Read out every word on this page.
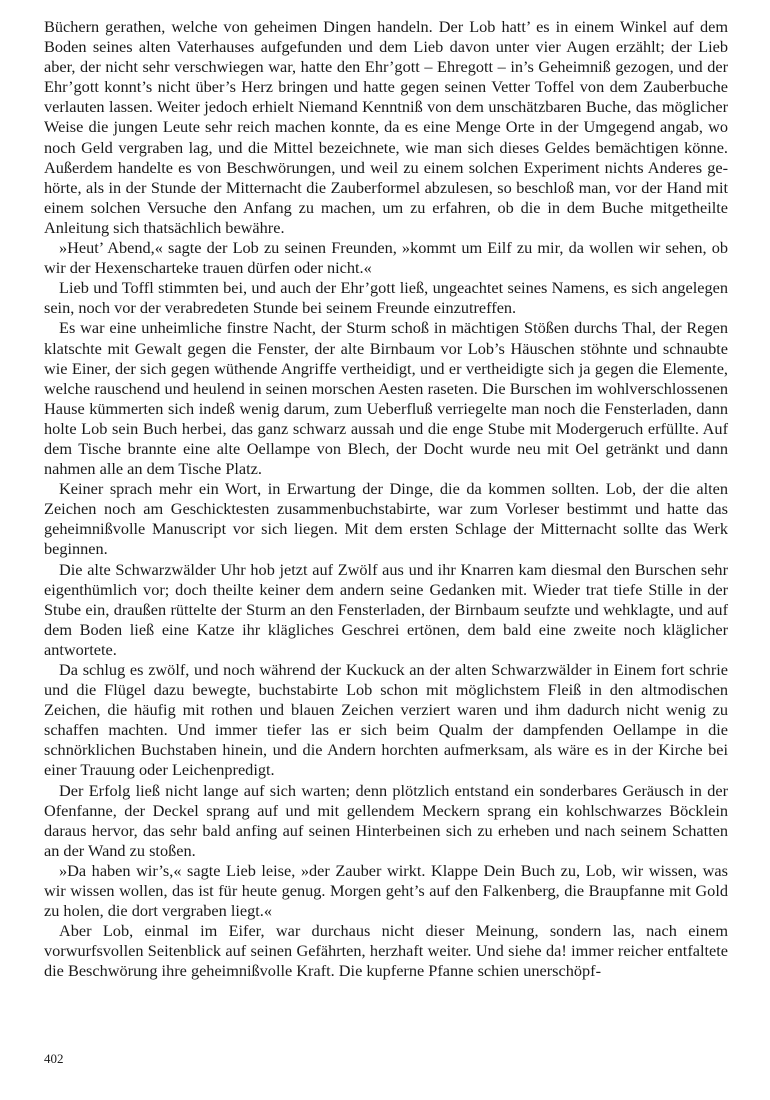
Büchern gerathen, welche von geheimen Dingen handeln. Der Lob hatt’ es in einem Winkel auf dem Boden seines alten Vaterhauses aufgefunden und dem Lieb davon unter vier Augen erzählt; der Lieb aber, der nicht sehr verschwiegen war, hatte den Ehr’gott – Ehregott – in’s Geheimniß gezogen, und der Ehr’gott konnt’s nicht über’s Herz bringen und hatte gegen seinen Vetter Toffel von dem Zauberbuche verlauten lassen. Weiter jedoch erhielt Niemand Kenntniß von dem unschätzbaren Buche, das möglicher Weise die jungen Leute sehr reich machen konnte, da es eine Menge Orte in der Umgegend angab, wo noch Geld vergraben lag, und die Mittel bezeichnete, wie man sich dieses Geldes bemächtigen könne. Außerdem handelte es von Beschwörungen, und weil zu einem solchen Experiment nichts Anderes gehörte, als in der Stunde der Mitternacht die Zauberformel abzulesen, so beschloß man, vor der Hand mit einem solchen Versuche den Anfang zu machen, um zu erfahren, ob die in dem Buche mitgetheilte Anleitung sich thatsächlich bewähre.

»Heut’ Abend,« sagte der Lob zu seinen Freunden, »kommt um Eilf zu mir, da wollen wir sehen, ob wir der Hexenscharteke trauen dürfen oder nicht.«

Lieb und Toffl stimmten bei, und auch der Ehr’gott ließ, ungeachtet seines Namens, es sich angelegen sein, noch vor der verabredeten Stunde bei seinem Freunde einzutreffen.

Es war eine unheimliche finstre Nacht, der Sturm schoß in mächtigen Stößen durchs Thal, der Regen klatschte mit Gewalt gegen die Fenster, der alte Birnbaum vor Lob’s Häuschen stöhnte und schnaubte wie Einer, der sich gegen wüthende Angriffe vertheidigt, und er vertheidigte sich ja gegen die Elemente, welche rauschend und heulend in seinen morschen Aesten raseten. Die Burschen im wohlverschlossenen Hause kümmerten sich indeß wenig darum, zum Ueberfluß verriegelte man noch die Fensterladen, dann holte Lob sein Buch herbei, das ganz schwarz aussah und die enge Stube mit Modergeruch erfüllte. Auf dem Tische brannte eine alte Oellampe von Blech, der Docht wurde neu mit Oel getränkt und dann nahmen alle an dem Tische Platz.

Keiner sprach mehr ein Wort, in Erwartung der Dinge, die da kommen sollten. Lob, der die alten Zeichen noch am Geschicktesten zusammenbuchstabirte, war zum Vorleser bestimmt und hatte das geheimnißvolle Manuscript vor sich liegen. Mit dem ersten Schlage der Mitternacht sollte das Werk beginnen.

Die alte Schwarzwälder Uhr hob jetzt auf Zwölf aus und ihr Knarren kam diesmal den Burschen sehr eigenthümlich vor; doch theilte keiner dem andern seine Gedanken mit. Wieder trat tiefe Stille in der Stube ein, draußen rüttelte der Sturm an den Fensterladen, der Birnbaum seufzte und wehklagte, und auf dem Boden ließ eine Katze ihr klägliches Geschrei ertönen, dem bald eine zweite noch kläglicher antwortete.

Da schlug es zwölf, und noch während der Kuckuck an der alten Schwarzwälder in Einem fort schrie und die Flügel dazu bewegte, buchstabirte Lob schon mit möglichstem Fleiß in den altmodischen Zeichen, die häufig mit rothen und blauen Zeichen verziert waren und ihm dadurch nicht wenig zu schaffen machten. Und immer tiefer las er sich beim Qualm der dampfenden Oellampe in die schnörklichen Buchstaben hinein, und die Andern horchten aufmerksam, als wäre es in der Kirche bei einer Trauung oder Leichenpredigt.

Der Erfolg ließ nicht lange auf sich warten; denn plötzlich entstand ein sonderbares Geräusch in der Ofenfanne, der Deckel sprang auf und mit gellendem Meckern sprang ein kohlschwarzes Böcklein daraus hervor, das sehr bald anfing auf seinen Hinterbeinen sich zu erheben und nach seinem Schatten an der Wand zu stoßen.

»Da haben wir’s,« sagte Lieb leise, »der Zauber wirkt. Klappe Dein Buch zu, Lob, wir wissen, was wir wissen wollen, das ist für heute genug. Morgen geht’s auf den Falkenberg, die Braupfanne mit Gold zu holen, die dort vergraben liegt.«

Aber Lob, einmal im Eifer, war durchaus nicht dieser Meinung, sondern las, nach einem vorwurfsvollen Seitenblick auf seinen Gefährten, herzhaft weiter. Und siehe da! immer reicher entfaltete die Beschwörung ihre geheimnißvolle Kraft. Die kupferne Pfanne schien unerschöpf-

402
